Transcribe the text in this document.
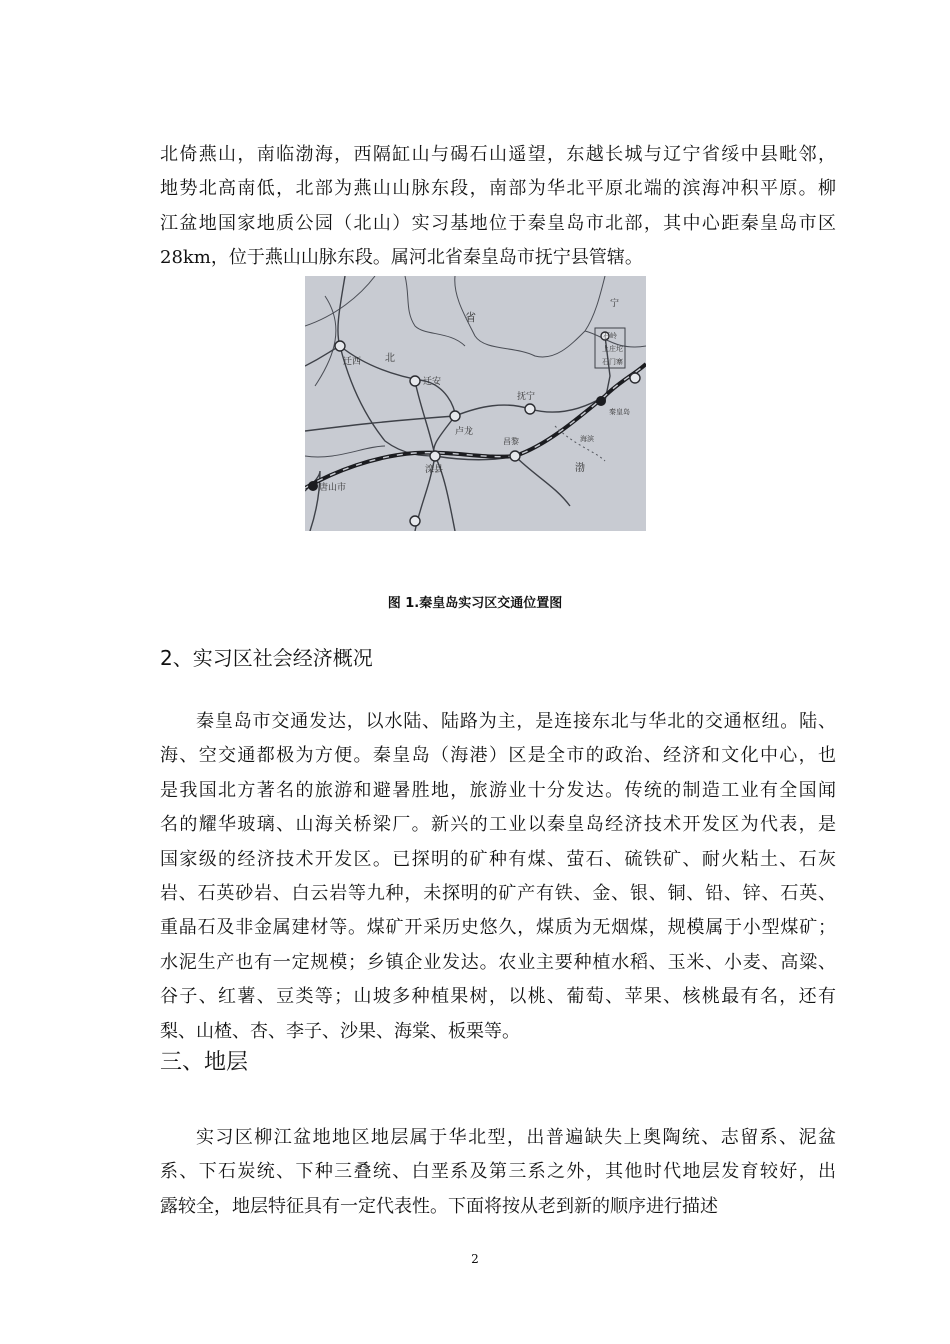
北倚燕山，南临渤海，西隔缸山与碣石山遥望，东越长城与辽宁省绥中县毗邻，
地势北高南低，北部为燕山山脉东段，南部为华北平原北端的滨海冲积平原。柳
江盆地国家地质公园（北山）实习基地位于秦皇岛市北部，其中心距秦皇岛市区
28km，位于燕山山脉东段。属河北省秦皇岛市抚宁县管辖。
省
北
宁
迁西
迁安
抚宁
卢龙
昌黎
滦县
唐山市
秦皇岛
石门寨
上庄坨
石岭
海滨
渤
图 1.秦皇岛实习区交通位置图
2、实习区社会经济概况
秦皇岛市交通发达，以水陆、陆路为主，是连接东北与华北的交通枢纽。陆、
海、空交通都极为方便。秦皇岛（海港）区是全市的政治、经济和文化中心，也
是我国北方著名的旅游和避暑胜地，旅游业十分发达。传统的制造工业有全国闻
名的耀华玻璃、山海关桥梁厂。新兴的工业以秦皇岛经济技术开发区为代表，是
国家级的经济技术开发区。已探明的矿种有煤、萤石、硫铁矿、耐火粘土、石灰
岩、石英砂岩、白云岩等九种，未探明的矿产有铁、金、银、铜、铅、锌、石英、
重晶石及非金属建材等。煤矿开采历史悠久，煤质为无烟煤，规模属于小型煤矿；
水泥生产也有一定规模；乡镇企业发达。农业主要种植水稻、玉米、小麦、高粱、
谷子、红薯、豆类等；山坡多种植果树，以桃、葡萄、苹果、核桃最有名，还有
梨、山楂、杏、李子、沙果、海棠、板栗等。
三、地层
实习区柳江盆地地区地层属于华北型，出普遍缺失上奥陶统、志留系、泥盆
系、下石炭统、下种三叠统、白垩系及第三系之外，其他时代地层发育较好，出
露较全，地层特征具有一定代表性。下面将按从老到新的顺序进行描述
2
